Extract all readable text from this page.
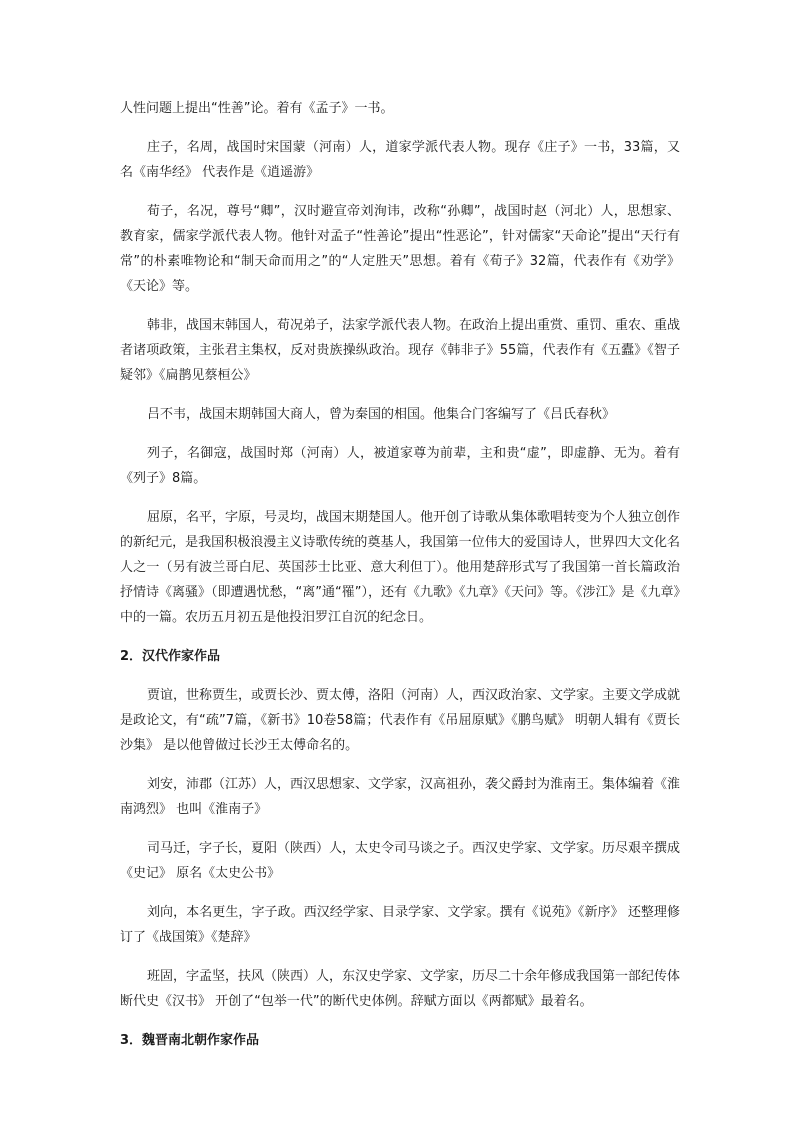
人性问题上提出“性善”论。着有《孟子》一书。

庄子，名周，战国时宋国蒙（河南）人，道家学派代表人物。现存《庄子》一书，33篇，又名《南华经》 代表作是《逍遥游》

荀子，名况，尊号“卿”，汉时避宣帝刘洵讳，改称“孙卿”，战国时赵（河北）人，思想家、教育家，儒家学派代表人物。他针对孟子“性善论”提出“性恶论”，针对儒家“天命论”提出“天行有常”的朴素唯物论和“制天命而用之”的“人定胜天”思想。着有《荀子》32篇，代表作有《劝学》《天论》等。

韩非，战国末韩国人，荀况弟子，法家学派代表人物。在政治上提出重赏、重罚、重农、重战者诸项政策，主张君主集权，反对贵族操纵政治。现存《韩非子》55篇，代表作有《五蠹》《智子疑邻》《扁鹊见蔡桓公》

吕不韦，战国末期韩国大商人，曾为秦国的相国。他集合门客编写了《吕氏春秋》

列子，名御寇，战国时郑（河南）人，被道家尊为前辈，主和贵“虚”，即虚静、无为。着有《列子》8篇。

屈原，名平，字原，号灵均，战国末期楚国人。他开创了诗歌从集体歌唱转变为个人独立创作的新纪元，是我国积极浪漫主义诗歌传统的奠基人，我国第一位伟大的爱国诗人，世界四大文化名人之一（另有波兰哥白尼、英国莎士比亚、意大利但丁）。他用楚辞形式写了我国第一首长篇政治抒情诗《离骚》（即遭遇忧愁，“离”通“罹”），还有《九歌》《九章》《天问》等。《涉江》是《九章》中的一篇。农历五月初五是他投汨罗江自沉的纪念日。

2．汉代作家作品

贾谊，世称贾生，或贾长沙、贾太傅，洛阳（河南）人，西汉政治家、文学家。主要文学成就是政论文，有“疏”7篇，《新书》10卷58篇；代表作有《吊屈原赋》《鹏鸟赋》 明朝人辑有《贾长沙集》 是以他曾做过长沙王太傅命名的。

刘安，沛郡（江苏）人，西汉思想家、文学家，汉高祖孙，袭父爵封为淮南王。集体编着《淮南鸿烈》 也叫《淮南子》

司马迁，字子长，夏阳（陕西）人，太史令司马谈之子。西汉史学家、文学家。历尽艰辛撰成《史记》 原名《太史公书》

刘向，本名更生，字子政。西汉经学家、目录学家、文学家。撰有《说苑》《新序》 还整理修订了《战国策》《楚辞》

班固，字孟坚，扶风（陕西）人，东汉史学家、文学家，历尽二十余年修成我国第一部纪传体断代史《汉书》 开创了“包举一代”的断代史体例。辞赋方面以《两都赋》最着名。

3．魏晋南北朝作家作品
